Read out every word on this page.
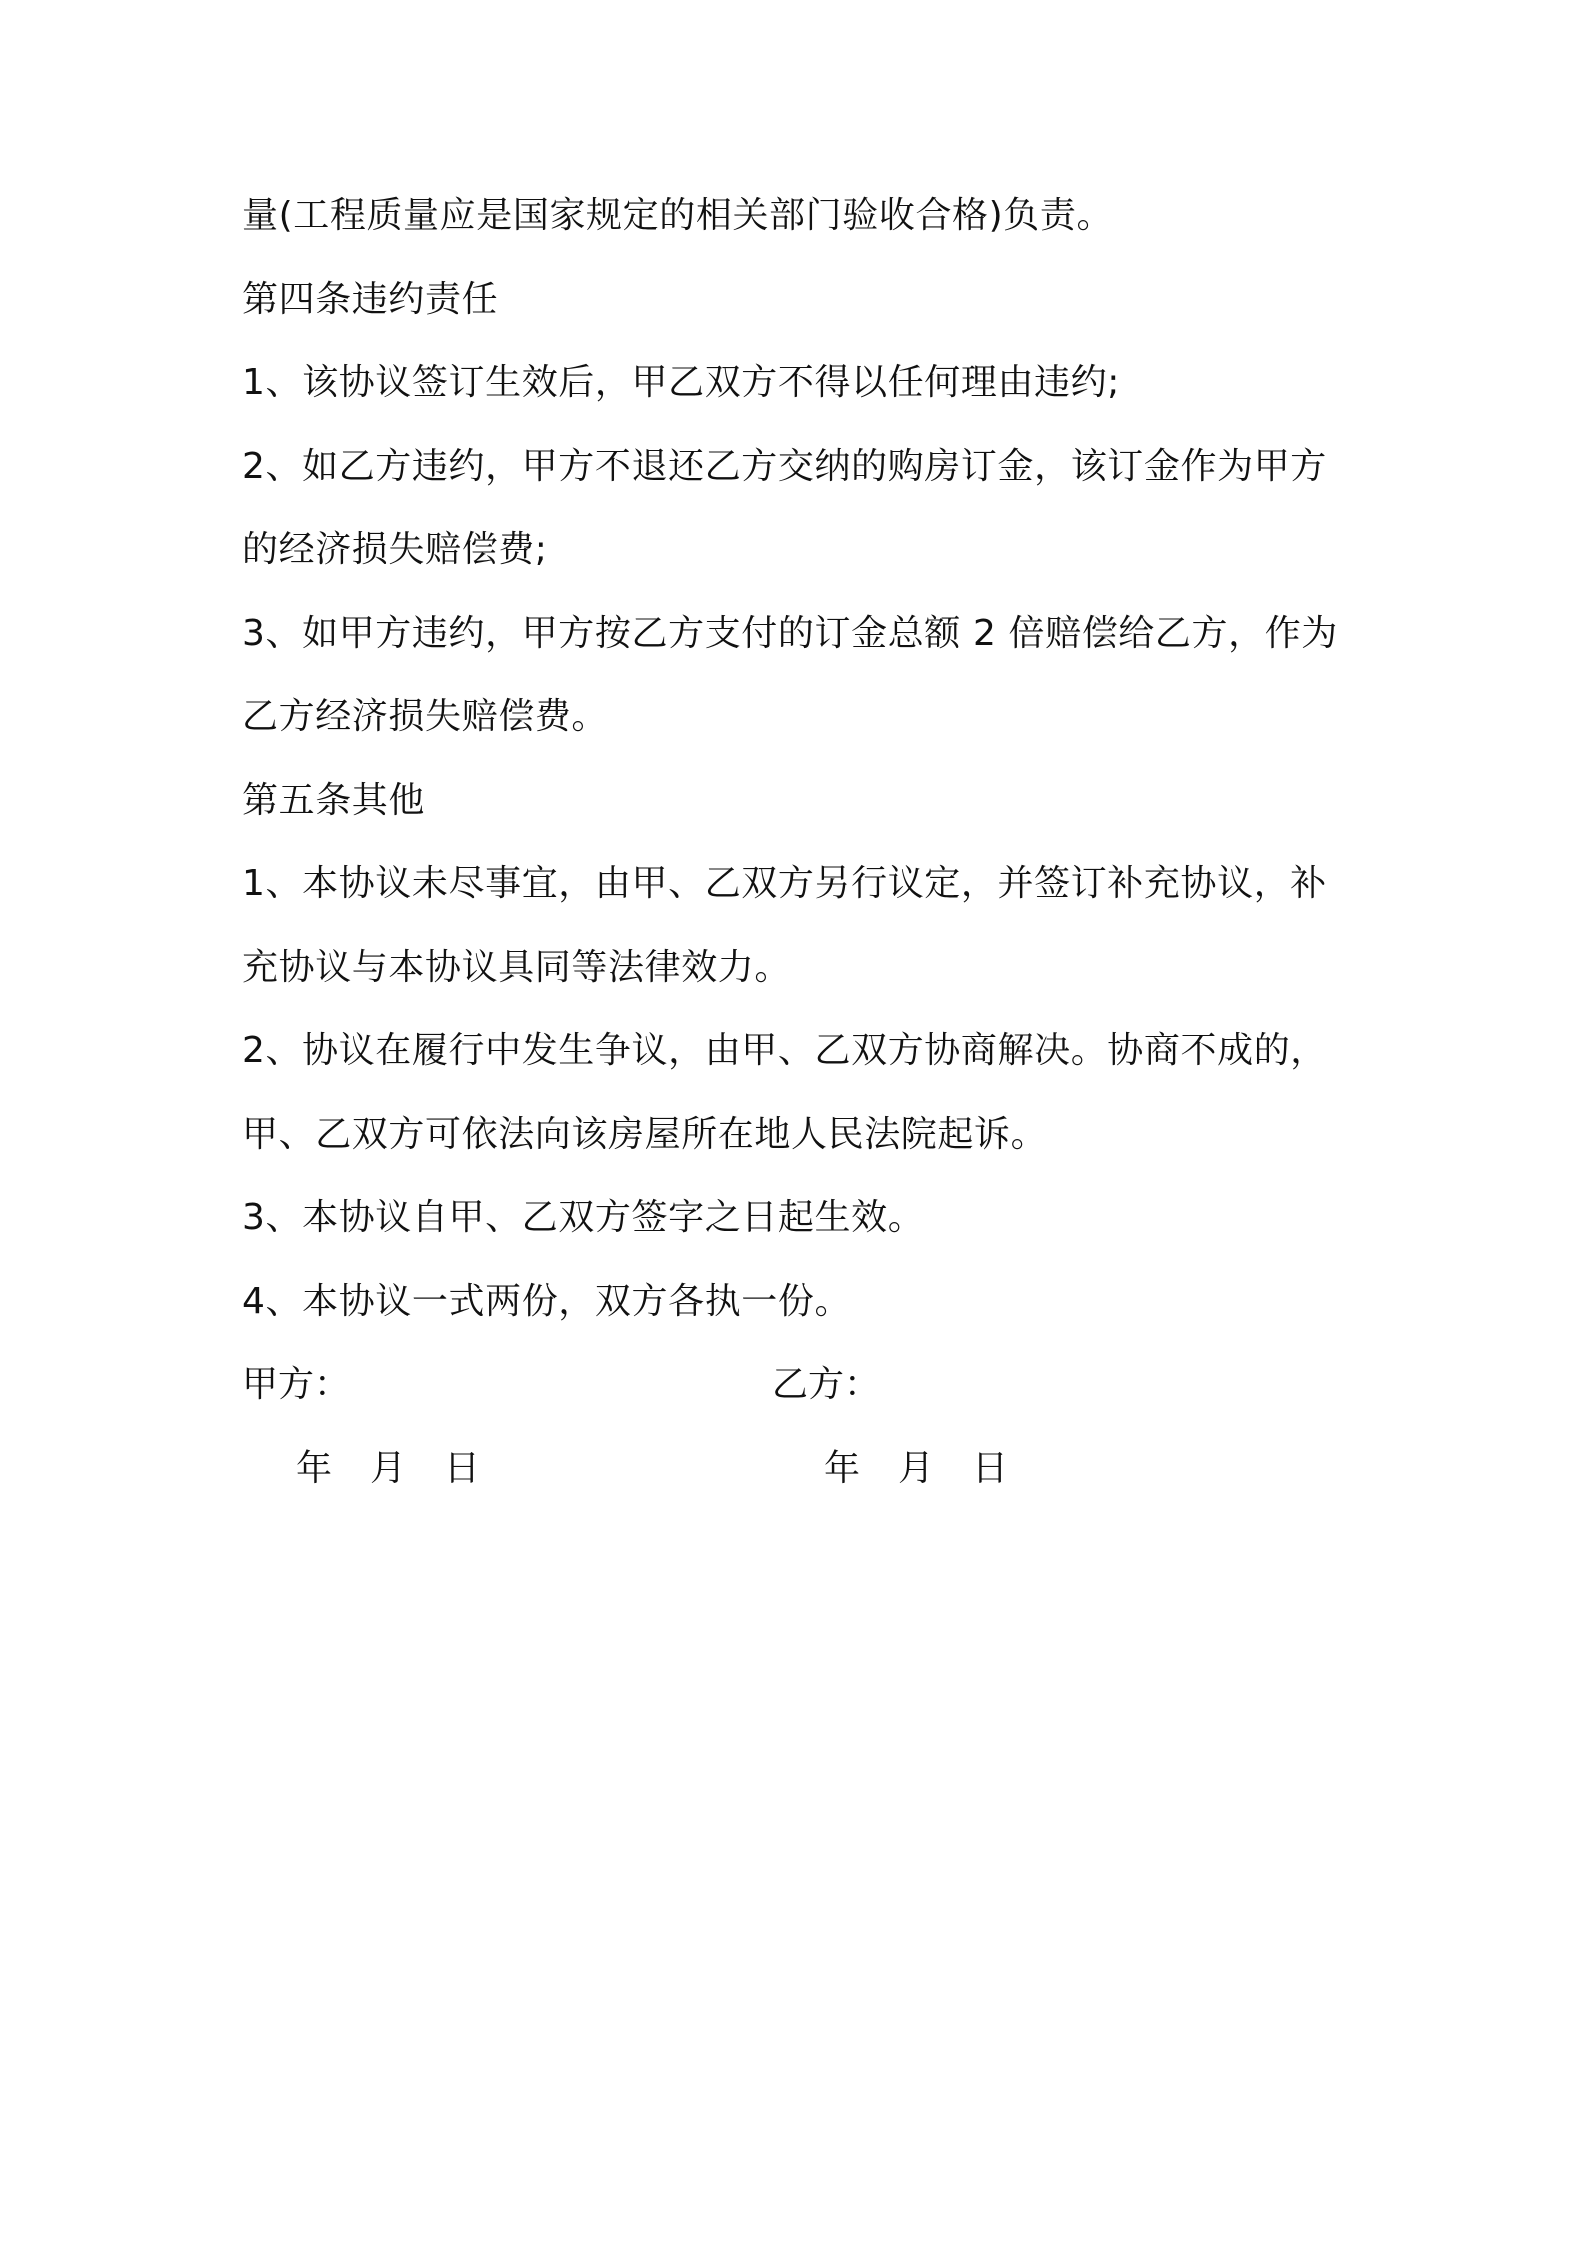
量(工程质量应是国家规定的相关部门验收合格)负责。
第四条违约责任
1、该协议签订生效后，甲乙双方不得以任何理由违约;
2、如乙方违约，甲方不退还乙方交纳的购房订金，该订金作为甲方
的经济损失赔偿费;
3、如甲方违约，甲方按乙方支付的订金总额 2 倍赔偿给乙方，作为
乙方经济损失赔偿费。
第五条其他
1、本协议未尽事宜，由甲、乙双方另行议定，并签订补充协议，补
充协议与本协议具同等法律效力。
2、协议在履行中发生争议，由甲、乙双方协商解决。协商不成的，
甲、乙双方可依法向该房屋所在地人民法院起诉。
3、本协议自甲、乙双方签字之日起生效。
4、本协议一式两份，双方各执一份。
甲方：	乙方：
年 月 日	年 月 日
